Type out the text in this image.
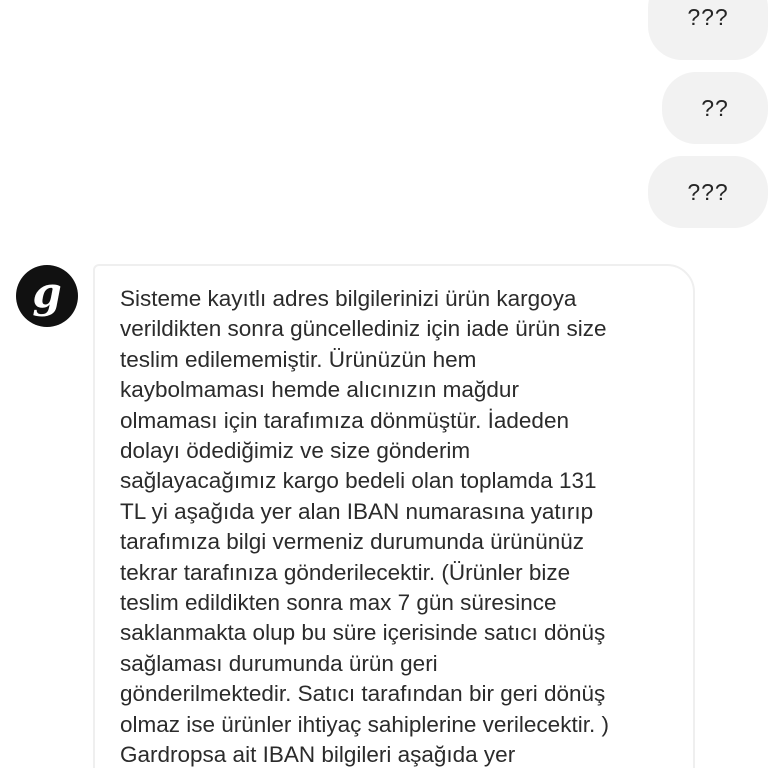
???
??
???
g	Sisteme kayıtlı adres bilgilerinizi ürün kargoya
verildikten sonra güncellediniz için iade ürün size
teslim edilememiştir. Ürünüzün hem
kaybolmaması hemde alıcınızın mağdur
olmaması için tarafımıza dönmüştür. İadeden
dolayı ödediğimiz ve size gönderim
sağlayacağımız kargo bedeli olan toplamda 131
TL yi aşağıda yer alan IBAN numarasına yatırıp
tarafımıza bilgi vermeniz durumunda ürününüz
tekrar tarafınıza gönderilecektir. (Ürünler bize
teslim edildikten sonra max 7 gün süresince
saklanmakta olup bu süre içerisinde satıcı dönüş
sağlaması durumunda ürün geri
gönderilmektedir. Satıcı tarafından bir geri dönüş
olmaz ise ürünler ihtiyaç sahiplerine verilecektir. )
Gardropsa ait IBAN bilgileri aşağıda yer
